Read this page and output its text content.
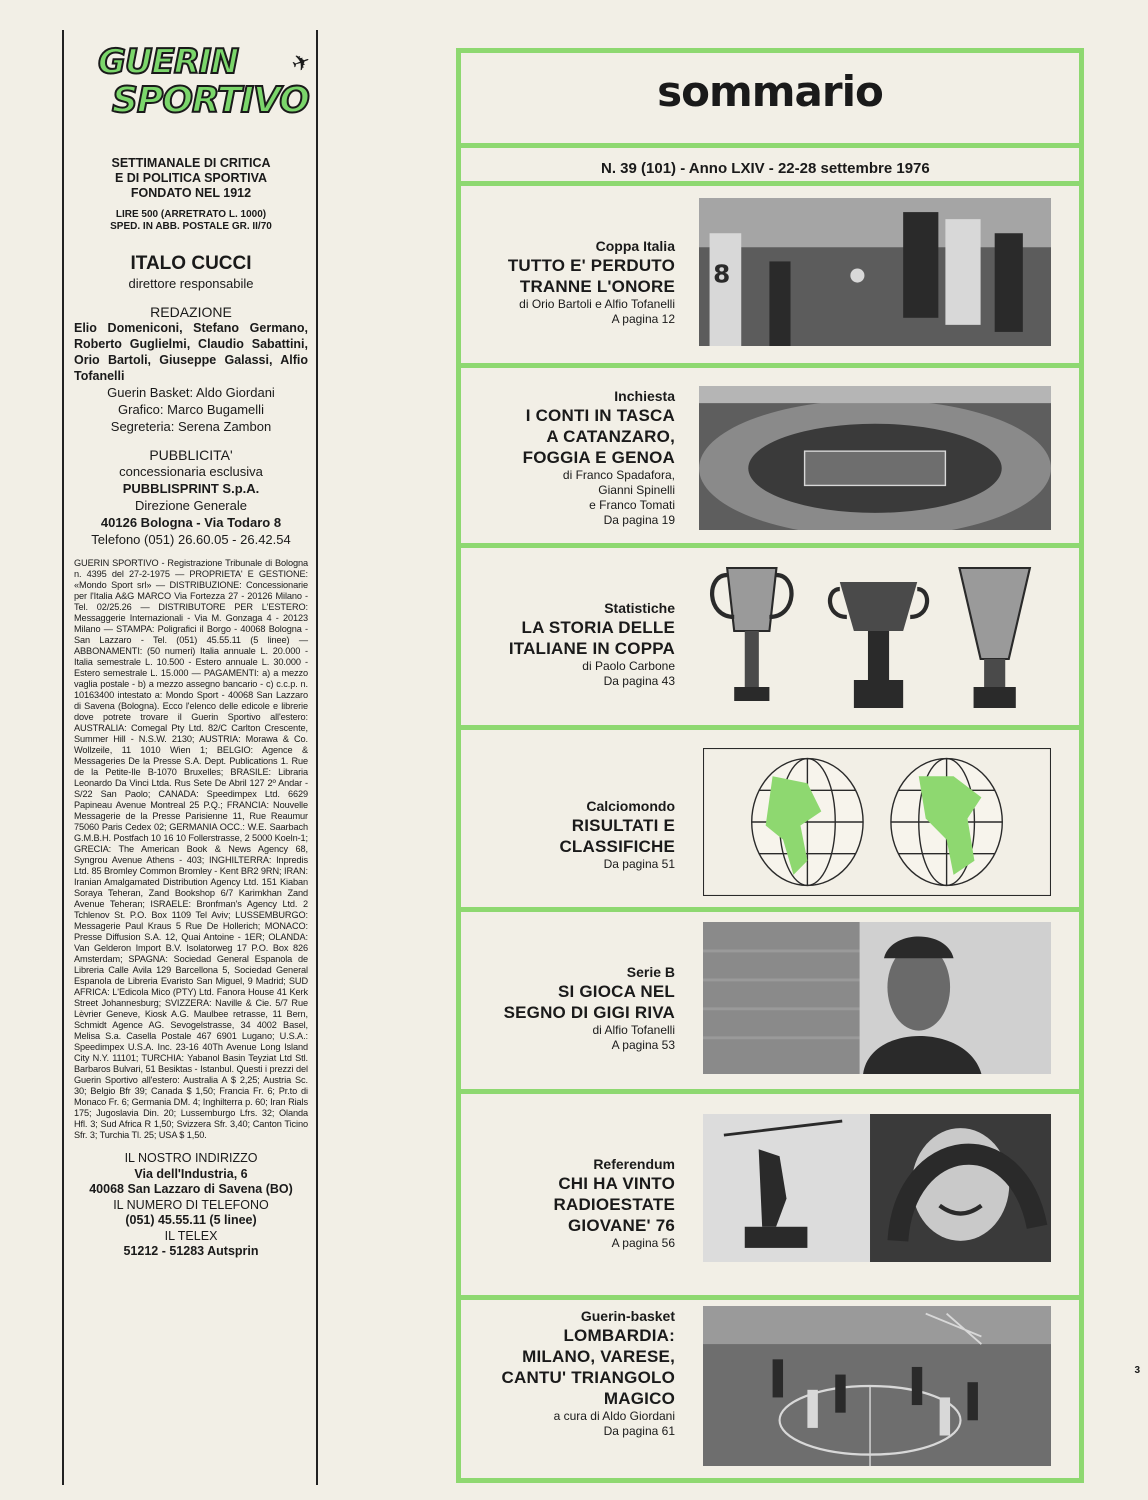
GUERIN
SPORTIVO
✈
SETTIMANALE DI CRITICA
E DI POLITICA SPORTIVA
FONDATO NEL 1912
LIRE 500 (ARRETRATO L. 1000)
SPED. IN ABB. POSTALE GR. II/70
ITALO CUCCI
direttore responsabile
REDAZIONE
Elio Domeniconi, Stefano Germano, Roberto Guglielmi, Claudio Sabattini, Orio Bartoli, Giuseppe Galassi, Alfio Tofanelli
Guerin Basket: Aldo Giordani
Grafico: Marco Bugamelli
Segreteria: Serena Zambon
PUBBLICITA'
concessionaria esclusiva
PUBBLISPRINT S.p.A.
Direzione Generale
40126 Bologna - Via Todaro 8
Telefono (051) 26.60.05 - 26.42.54
GUERIN SPORTIVO - Registrazione Tribunale di Bologna n. 4395 del 27-2-1975 — PROPRIETA' E GESTIONE: «Mondo Sport srl» — DISTRIBUZIONE: Concessionarie per l'Italia A&G MARCO Via Fortezza 27 - 20126 Milano - Tel. 02/25.26 — DISTRIBUTORE PER L'ESTERO: Messaggerie Internazionali - Via M. Gonzaga 4 - 20123 Milano — STAMPA: Poligrafici il Borgo - 40068 Bologna - San Lazzaro - Tel. (051) 45.55.11 (5 linee) — ABBONAMENTI: (50 numeri) Italia annuale L. 20.000 - Italia semestrale L. 10.500 - Estero annuale L. 30.000 - Estero semestrale L. 15.000 — PAGAMENTI: a) a mezzo vaglia postale - b) a mezzo assegno bancario - c) c.c.p. n. 10163400 intestato a: Mondo Sport - 40068 San Lazzaro di Savena (Bologna). Ecco l'elenco delle edicole e librerie dove potrete trovare il Guerin Sportivo all'estero: AUSTRALIA: Comegal Pty Ltd. 82/C Carlton Crescente, Summer Hill - N.S.W. 2130; AUSTRIA: Morawa & Co. Wollzeile, 11 1010 Wien 1; BELGIO: Agence & Messageries De la Presse S.A. Dept. Publications 1. Rue de la Petite-Ile B-1070 Bruxelles; BRASILE: Libraria Leonardo Da Vinci Ltda. Rus Sete De Abril 127 2º Andar - S/22 San Paolo; CANADA: Speedimpex Ltd. 6629 Papineau Avenue Montreal 25 P.Q.; FRANCIA: Nouvelle Messagerie de la Presse Parisienne 11, Rue Reaumur 75060 Paris Cedex 02; GERMANIA OCC.: W.E. Saarbach G.M.B.H. Postfach 10 16 10 Follerstrasse, 2 5000 Koeln-1; GRECIA: The American Book & News Agency 68, Syngrou Avenue Athens - 403; INGHILTERRA: Inpredis Ltd. 85 Bromley Common Bromley - Kent BR2 9RN; IRAN: Iranian Amalgamated Distribution Agency Ltd. 151 Kiaban Soraya Teheran, Zand Bookshop 6/7 Karimkhan Zand Avenue Teheran; ISRAELE: Bronfman's Agency Ltd. 2 Tchlenov St. P.O. Box 1109 Tel Aviv; LUSSEMBURGO: Messagerie Paul Kraus 5 Rue De Hollerich; MONACO: Presse Diffusion S.A. 12, Quai Antoine - 1ER; OLANDA: Van Gelderon Import B.V. Isolatorweg 17 P.O. Box 826 Amsterdam; SPAGNA: Sociedad General Espanola de Libreria Calle Avila 129 Barcellona 5, Sociedad General Espanola de Libreria Evaristo San Miguel, 9 Madrid; SUD AFRICA: L'Edicola Mico (PTY) Ltd. Fanora House 41 Kerk Street Johannesburg; SVIZZERA: Naville & Cie. 5/7 Rue Lèvrier Geneve, Kiosk A.G. Maulbee retrasse, 11 Bern, Schmidt Agence AG. Sevogelstrasse, 34 4002 Basel, Melisa S.a. Casella Postale 467 6901 Lugano; U.S.A.: Speedimpex U.S.A. Inc. 23-16 40Th Avenue Long Island City N.Y. 11101; TURCHIA: Yabanol Basin Teyziat Ltd Stl. Barbaros Bulvari, 51 Besiktas - Istanbul. Questi i prezzi del Guerin Sportivo all'estero: Australia A $ 2,25; Austria Sc. 30; Belgio Bfr 39; Canada $ 1,50; Francia Fr. 6; Pr.to di Monaco Fr. 6; Germania DM. 4; Inghilterra p. 60; Iran Rials 175; Jugoslavia Din. 20; Lussemburgo Lfrs. 32; Olanda Hfl. 3; Sud Africa R 1,50; Svizzera Sfr. 3,40; Canton Ticino Sfr. 3; Turchia Tl. 25; USA $ 1,50.
IL NOSTRO INDIRIZZO
Via dell'Industria, 6
40068 San Lazzaro di Savena (BO)
IL NUMERO DI TELEFONO
(051) 45.55.11 (5 linee)
IL TELEX
51212 - 51283 Autsprin
sommario
N. 39 (101) - Anno LXIV - 22-28 settembre 1976
Coppa Italia
TUTTO E' PERDUTO
TRANNE L'ONORE
di Orio Bartoli e Alfio Tofanelli
A pagina 12
8
Inchiesta
I CONTI IN TASCA
A CATANZARO,
FOGGIA E GENOA
di Franco Spadafora,
Gianni Spinelli
e Franco Tomati
Da pagina 19
Statistiche
LA STORIA DELLE
ITALIANE IN COPPA
di Paolo Carbone
Da pagina 43
Calciomondo
RISULTATI E
CLASSIFICHE
Da pagina 51
Serie B
SI GIOCA NEL
SEGNO DI GIGI RIVA
di Alfio Tofanelli
A pagina 53
Referendum
CHI HA VINTO
RADIOESTATE
GIOVANE' 76
A pagina 56
Guerin-basket
LOMBARDIA:
MILANO, VARESE,
CANTU' TRIANGOLO
MAGICO
a cura di Aldo Giordani
Da pagina 61
3
